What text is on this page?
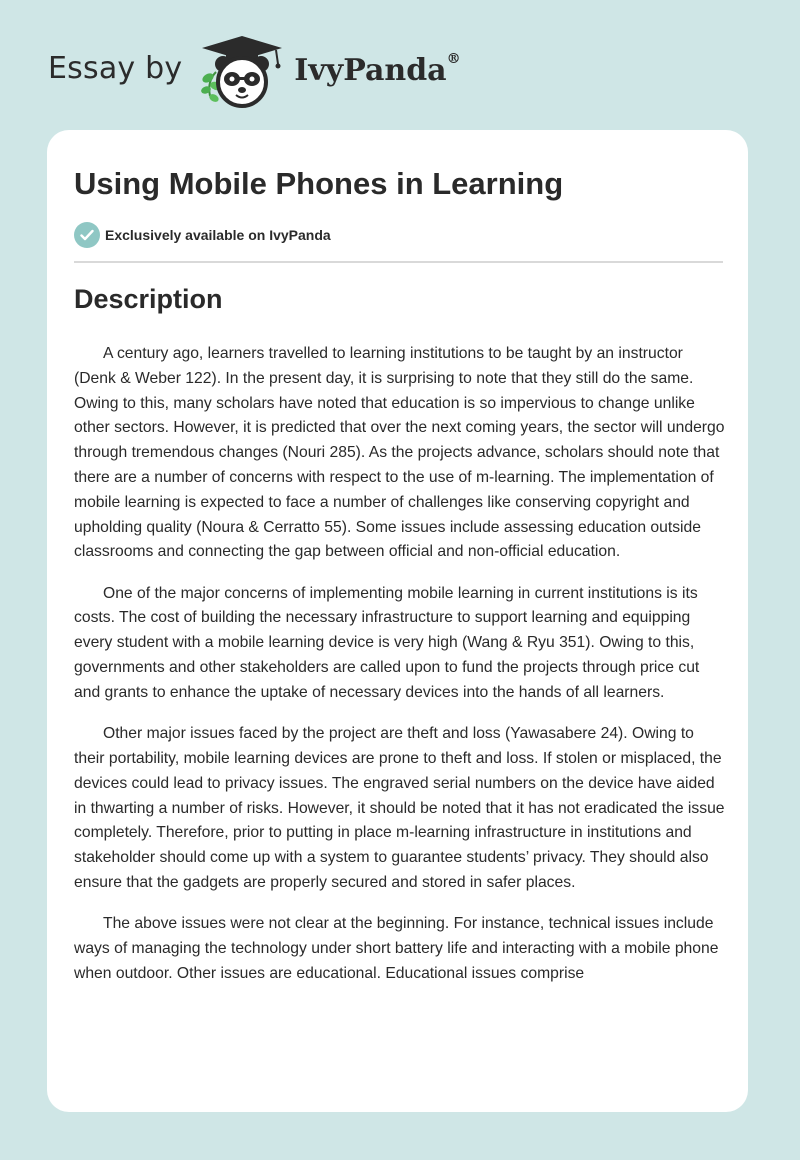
Essay by	IvyPanda®
Using Mobile Phones in Learning
Exclusively available on IvyPanda
Description

A century ago, learners travelled to learning institutions to be taught by an instructor (Denk & Weber 122). In the present day, it is surprising to note that they still do the same. Owing to this, many scholars have noted that education is so impervious to change unlike other sectors. However, it is predicted that over the next coming years, the sector will undergo through tremendous changes (Nouri 285). As the projects advance, scholars should note that there are a number of concerns with respect to the use of m-learning. The implementation of mobile learning is expected to face a number of challenges like conserving copyright and upholding quality (Noura & Cerratto 55). Some issues include assessing education outside classrooms and connecting the gap between official and non-official education.

One of the major concerns of implementing mobile learning in current institutions is its costs. The cost of building the necessary infrastructure to support learning and equipping every student with a mobile learning device is very high (Wang & Ryu 351). Owing to this, governments and other stakeholders are called upon to fund the projects through price cut and grants to enhance the uptake of necessary devices into the hands of all learners.

Other major issues faced by the project are theft and loss (Yawasabere 24). Owing to their portability, mobile learning devices are prone to theft and loss. If stolen or misplaced, the devices could lead to privacy issues. The engraved serial numbers on the device have aided in thwarting a number of risks. However, it should be noted that it has not eradicated the issue completely. Therefore, prior to putting in place m-learning infrastructure in institutions and stakeholder should come up with a system to guarantee students’ privacy. They should also ensure that the gadgets are properly secured and stored in safer places.

The above issues were not clear at the beginning. For instance, technical issues include ways of managing the technology under short battery life and interacting with a mobile phone when outdoor. Other issues are educational. Educational issues comprise
